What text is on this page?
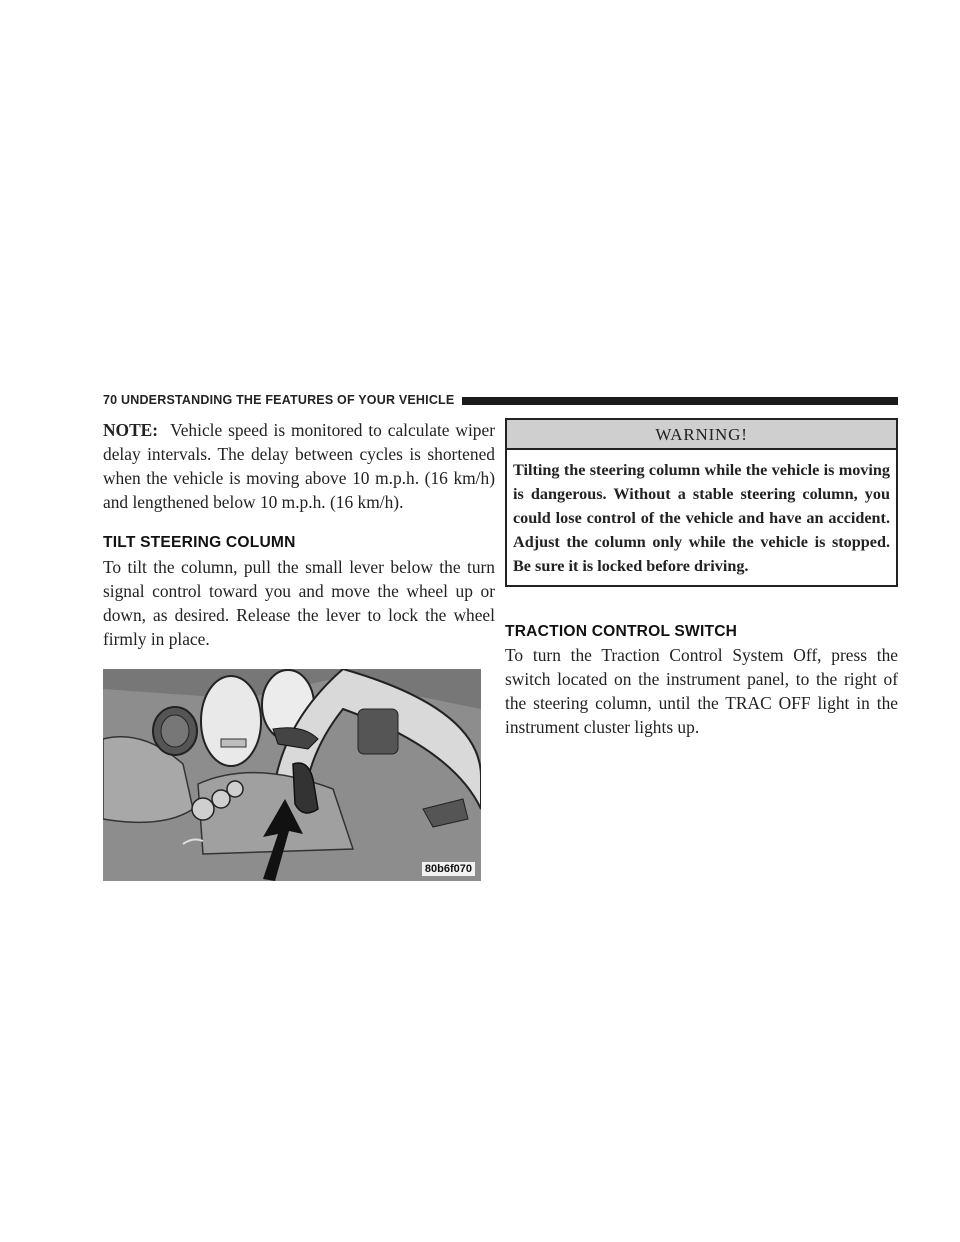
70 UNDERSTANDING THE FEATURES OF YOUR VEHICLE

NOTE: Vehicle speed is monitored to calculate wiper delay intervals. The delay between cycles is shortened when the vehicle is moving above 10 m.p.h. (16 km/h) and lengthened below 10 m.p.h. (16 km/h).

TILT STEERING COLUMN

To tilt the column, pull the small lever below the turn signal control toward you and move the wheel up or down, as desired. Release the lever to lock the wheel firmly in place.

80b6f070
WARNING!
Tilting the steering column while the vehicle is moving is dangerous. Without a stable steering column, you could lose control of the vehicle and have an accident. Adjust the column only while the vehicle is stopped. Be sure it is locked before driving.
TRACTION CONTROL SWITCH

To turn the Traction Control System Off, press the switch located on the instrument panel, to the right of the steering column, until the TRAC OFF light in the instrument cluster lights up.
